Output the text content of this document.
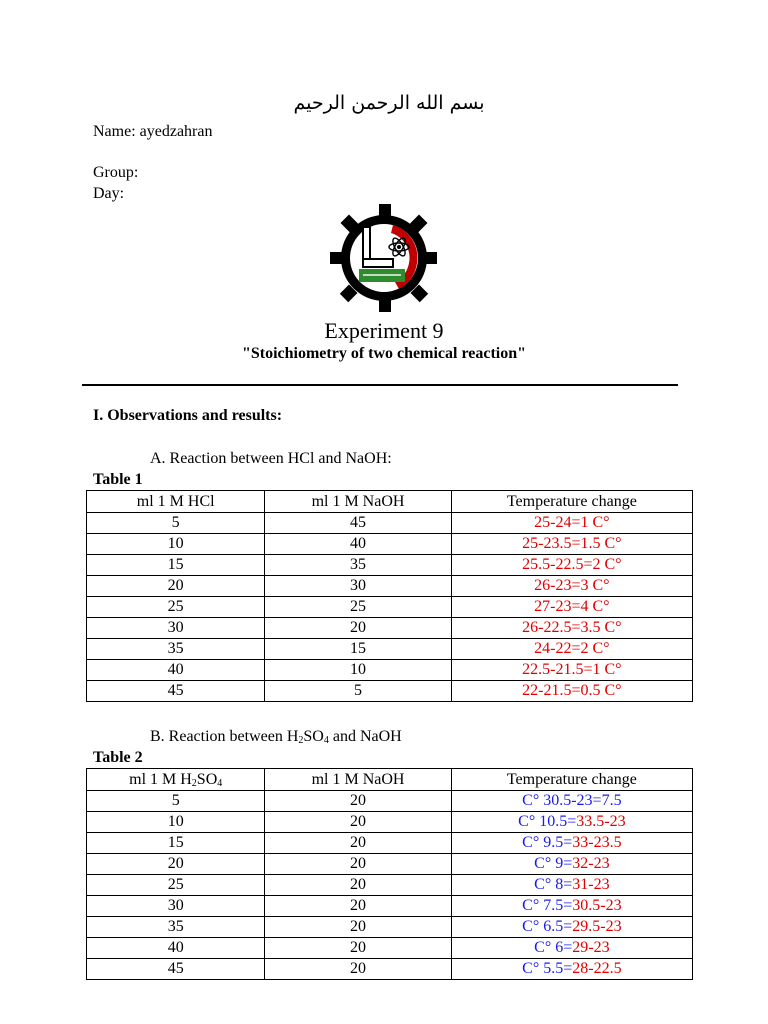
بسم الله الرحمن الرحيم
Name: ayedzahran
Group:
Day:
Experiment 9
"Stoichiometry of two chemical reaction"
I. Observations and results:
A. Reaction between HCl and NaOH:
Table 1
ml 1 M HCl	ml 1 M NaOH	Temperature change
5	45	25-24=1 C°
10	40	25-23.5=1.5 C°
15	35	25.5-22.5=2 C°
20	30	26-23=3 C°
25	25	27-23=4 C°
30	20	26-22.5=3.5 C°
35	15	24-22=2 C°
40	10	22.5-21.5=1 C°
45	5	22-21.5=0.5 C°
B. Reaction between $H_2SO_4$ and NaOH
Table 2
ml 1 M $H_2SO_4$	ml 1 M NaOH	Temperature change
5	20	C° 30.5-23=7.5
10	20	C° 10.5=33.5-23
15	20	C° 9.5=33-23.5
20	20	C° 9=32-23
25	20	C° 8=31-23
30	20	C° 7.5=30.5-23
35	20	C° 6.5=29.5-23
40	20	C° 6=29-23
45	20	C° 5.5=28-22.5
